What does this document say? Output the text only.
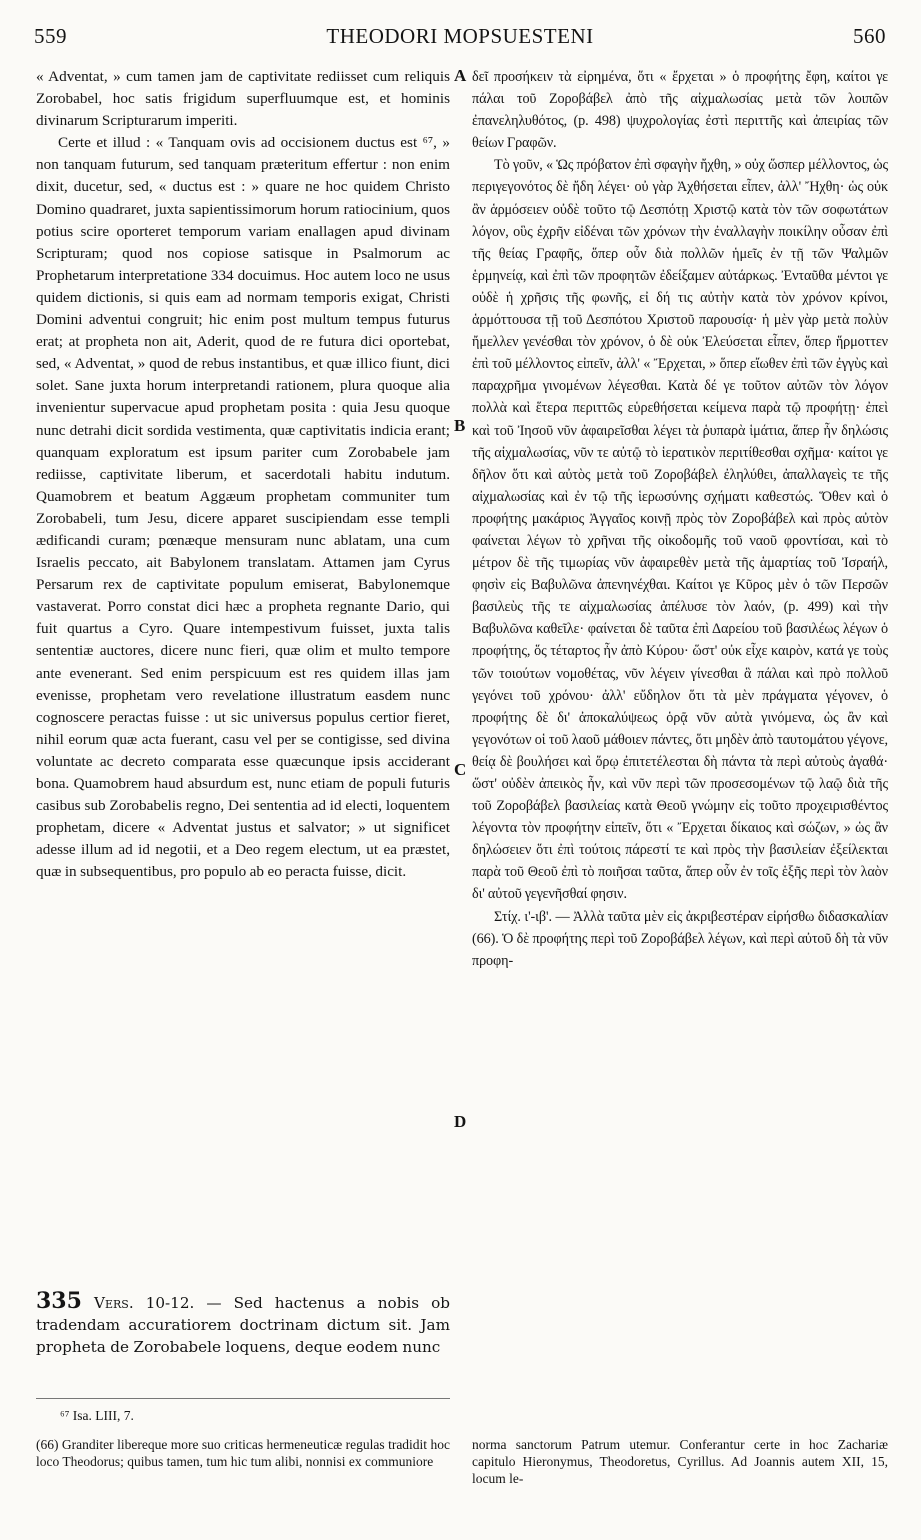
559	THEODORI MOPSUESTENI	560

« Adventat, » cum tamen jam de captivitate rediisset cum reliquis Zorobabel, hoc satis frigidum superfluumque est, et hominis divinarum Scripturarum imperiti.

Certe et illud : « Tanquam ovis ad occisionem ductus est ⁶⁷, » non tanquam futurum, sed tanquam præteritum effertur : non enim dixit, ducetur, sed, « ductus est : » quare ne hoc quidem Christo Domino quadraret, juxta sapientissimorum horum ratiocinium, quos potius scire oporteret temporum variam enallagen apud divinam Scripturam; quod nos copiose satisque in Psalmorum ac Prophetarum interpretatione 334 docuimus. Hoc autem loco ne usus quidem dictionis, si quis eam ad normam temporis exigat, Christi Domini adventui congruit; hic enim post multum tempus futurus erat; at propheta non ait, Aderit, quod de re futura dici oportebat, sed, « Adventat, » quod de rebus instantibus, et quæ illico fiunt, dici solet. Sane juxta horum interpretandi rationem, plura quoque alia invenientur supervacue apud prophetam posita : quia Jesu quoque nunc detrahi dicit sordida vestimenta, quæ captivitatis indicia erant; quanquam exploratum est ipsum pariter cum Zorobabele jam rediisse, captivitate liberum, et sacerdotali habitu indutum. Quamobrem et beatum Aggæum prophetam communiter tum Zorobabeli, tum Jesu, dicere apparet suscipiendam esse templi ædificandi curam; pœnæque mensuram nunc ablatam, una cum Israelis peccato, ait Babylonem translatam. Attamen jam Cyrus Persarum rex de captivitate populum emiserat, Babylonemque vastaverat. Porro constat dici hæc a propheta regnante Dario, qui fuit quartus a Cyro. Quare intempestivum fuisset, juxta talis sententiæ auctores, dicere nunc fieri, quæ olim et multo tempore ante evenerant. Sed enim perspicuum est res quidem illas jam evenisse, prophetam vero revelatione illustratum easdem nunc cognoscere peractas fuisse : ut sic universus populus certior fieret, nihil eorum quæ acta fuerant, casu vel per se contigisse, sed divina voluntate ac decreto comparata esse quæcunque ipsis acciderant bona. Quamobrem haud absurdum est, nunc etiam de populi futuris casibus sub Zorobabelis regno, Dei sententia ad id electi, loquentem prophetam, dicere « Adventat justus et salvator; » ut significet adesse illum ad id negotii, et a Deo regem electum, ut ea præstet, quæ in subsequentibus, pro populo ab eo peracta fuisse, dicit.

δεῖ προσήκειν τὰ εἰρημένα, ὅτι « ἔρχεται » ὁ προφήτης ἔφη, καίτοι γε πάλαι τοῦ Ζοροβάβελ ἀπὸ τῆς αἰχμαλωσίας μετὰ τῶν λοιπῶν ἐπανεληλυθότος, (p. 498) ψυχρολογίας ἐστὶ περιττῆς καὶ ἀπειρίας τῶν θείων Γραφῶν.

Τὸ γοῦν, « Ὡς πρόβατον ἐπὶ σφαγὴν ἤχθη, » οὐχ ὥσπερ μέλλοντος, ὡς περιγεγονότος δὲ ἤδη λέγει· οὐ γὰρ Ἀχθήσεται εἶπεν, ἀλλ' Ἤχθη· ὡς οὐκ ἂν ἁρμόσειεν οὐδὲ τοῦτο τῷ Δεσπότῃ Χριστῷ κατὰ τὸν τῶν σοφωτάτων λόγον, οὓς ἐχρῆν εἰδέναι τῶν χρόνων τὴν ἐναλλαγὴν ποικίλην οὖσαν ἐπὶ τῆς θείας Γραφῆς, ὅπερ οὖν διὰ πολλῶν ἡμεῖς ἐν τῇ τῶν Ψαλμῶν ἑρμηνείᾳ, καὶ ἐπὶ τῶν προφητῶν ἐδείξαμεν αὐτάρκως. Ἐνταῦθα μέντοι γε οὐδὲ ἡ χρῆσις τῆς φωνῆς, εἰ δή τις αὐτὴν κατὰ τὸν χρόνον κρίνοι, ἁρμόττουσα τῇ τοῦ Δεσπότου Χριστοῦ παρουσίᾳ· ἡ μὲν γὰρ μετὰ πολὺν ἤμελλεν γενέσθαι τὸν χρόνον, ὁ δὲ οὐκ Ἐλεύσεται εἶπεν, ὅπερ ἥρμοττεν ἐπὶ τοῦ μέλλοντος εἰπεῖν, ἀλλ' « Ἔρχεται, » ὅπερ εἴωθεν ἐπὶ τῶν ἐγγὺς καὶ παραχρῆμα γινομένων λέγεσθαι. Κατὰ δέ γε τοῦτον αὐτῶν τὸν λόγον πολλὰ καὶ ἕτερα περιττῶς εὑρεθήσεται κείμενα παρὰ τῷ προφήτῃ· ἐπεὶ καὶ τοῦ Ἰησοῦ νῦν ἀφαιρεῖσθαι λέγει τὰ ῥυπαρὰ ἱμάτια, ἅπερ ἦν δηλώσις τῆς αἰχμαλωσίας, νῦν τε αὐτῷ τὸ ἱερατικὸν περιτίθεσθαι σχῆμα· καίτοι γε δῆλον ὅτι καὶ αὐτὸς μετὰ τοῦ Ζοροβάβελ ἐληλύθει, ἀπαλλαγεὶς τε τῆς αἰχμαλωσίας καὶ ἐν τῷ τῆς ἱερωσύνης σχήματι καθεστώς. Ὅθεν καὶ ὁ προφήτης μακάριος Ἀγγαῖος κοινῇ πρὸς τὸν Ζοροβάβελ καὶ πρὸς αὐτὸν φαίνεται λέγων τὸ χρῆναι τῆς οἰκοδομῆς τοῦ ναοῦ φροντίσαι, καὶ τὸ μέτρον δὲ τῆς τιμωρίας νῦν ἀφαιρεθὲν μετὰ τῆς ἁμαρτίας τοῦ Ἰσραήλ, φησὶν εἰς Βαβυλῶνα ἀπενηνέχθαι. Καίτοι γε Κῦρος μὲν ὁ τῶν Περσῶν βασιλεὺς τῆς τε αἰχμαλωσίας ἀπέλυσε τὸν λαόν, (p. 499) καὶ τὴν Βαβυλῶνα καθεῖλε· φαίνεται δὲ ταῦτα ἐπὶ Δαρείου τοῦ βασιλέως λέγων ὁ προφήτης, ὅς τέταρτος ἦν ἀπὸ Κύρου· ὥστ' οὐκ εἶχε καιρὸν, κατά γε τοὺς τῶν τοιούτων νομοθέτας, νῦν λέγειν γίνεσθαι ἃ πάλαι καὶ πρὸ πολλοῦ γεγόνει τοῦ χρόνου· ἀλλ' εὔδηλον ὅτι τὰ μὲν πράγματα γέγονεν, ὁ προφήτης δὲ δι' ἀποκαλύψεως ὁρᾷ νῦν αὐτὰ γινόμενα, ὡς ἂν καὶ γεγονότων οἱ τοῦ λαοῦ μάθοιεν πάντες, ὅτι μηδὲν ἀπὸ ταυτομάτου γέγονε, θείᾳ δὲ βουλήσει καὶ ὅρῳ ἐπιτετέλεσται δὴ πάντα τὰ περὶ αὐτοὺς ἀγαθά· ὥστ' οὐδὲν ἀπεικὸς ἦν, καὶ νῦν περὶ τῶν προσεσομένων τῷ λαῷ διὰ τῆς τοῦ Ζοροβάβελ βασιλείας κατὰ Θεοῦ γνώμην εἰς τοῦτο προχειρισθέντος λέγοντα τὸν προφήτην εἰπεῖν, ὅτι « Ἔρχεται δίκαιος καὶ σώζων, » ὡς ἂν δηλώσειεν ὅτι ἐπὶ τούτοις πάρεστί τε καὶ πρὸς τὴν βασιλείαν ἐξείλεκται παρὰ τοῦ Θεοῦ ἐπὶ τὸ ποιῆσαι ταῦτα, ἅπερ οὖν ἐν τοῖς ἑξῆς περὶ τὸν λαὸν δι' αὐτοῦ γεγενῆσθαί φησιν.

Στίχ. ι'-ιβ'. — Ἀλλὰ ταῦτα μὲν εἰς ἀκριβεστέραν εἰρήσθω διδασκαλίαν (66). Ὁ δὲ προφήτης περὶ τοῦ Ζοροβάβελ λέγων, καὶ περὶ αὐτοῦ δὴ τὰ νῦν προφη-

A
B
C
D

335 Vers. 10-12. — Sed hactenus a nobis ob tradendam accuratiorem doctrinam dictum sit. Jam propheta de Zorobabele loquens, deque eodem nunc

⁶⁷ Isa. LIII, 7.

(66) Granditer libereque more suo criticas hermeneuticæ regulas tradidit hoc loco Theodorus; quibus tamen, tum hic tum alibi, nonnisi ex communiore

norma sanctorum Patrum utemur. Conferantur certe in hoc Zachariæ capitulo Hieronymus, Theodoretus, Cyrillus. Ad Joannis autem XII, 15, locum le-
